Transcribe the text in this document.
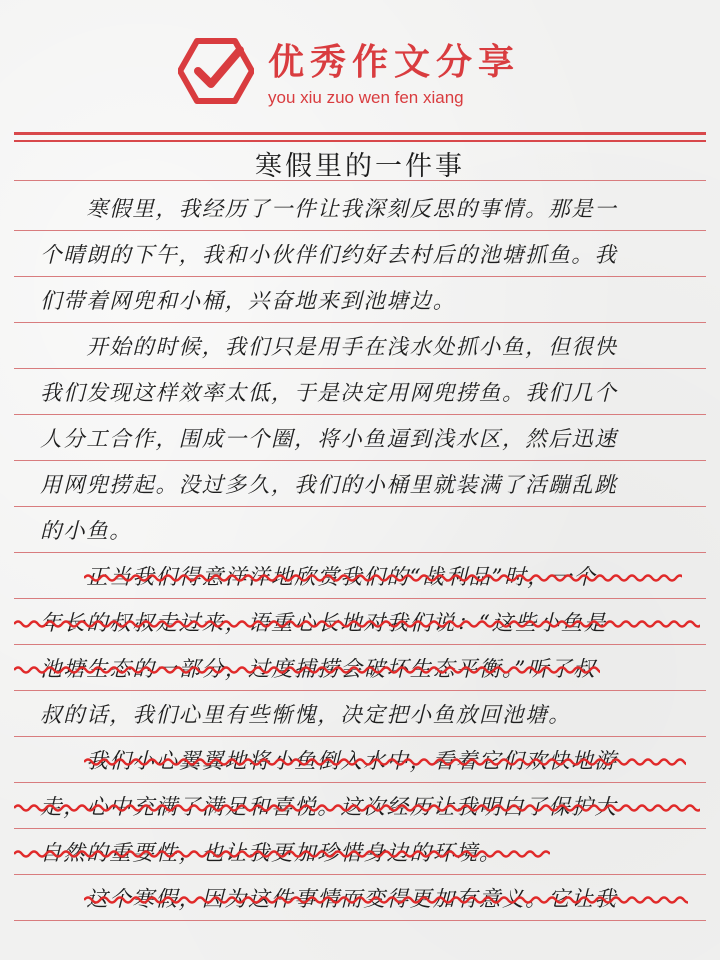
优秀作文分享
you xiu zuo wen fen xiang
寒假里的一件事
　　寒假里，我经历了一件让我深刻反思的事情。那是一
个晴朗的下午，我和小伙伴们约好去村后的池塘抓鱼。我
们带着网兜和小桶，兴奋地来到池塘边。
　　开始的时候，我们只是用手在浅水处抓小鱼，但很快
我们发现这样效率太低，于是决定用网兜捞鱼。我们几个
人分工合作，围成一个圈，将小鱼逼到浅水区，然后迅速
用网兜捞起。没过多久，我们的小桶里就装满了活蹦乱跳
的小鱼。
　　正当我们得意洋洋地欣赏我们的“战利品”时，一个
年长的叔叔走过来，语重心长地对我们说：“这些小鱼是
池塘生态的一部分，过度捕捞会破坏生态平衡。”听了叔
叔的话，我们心里有些惭愧，决定把小鱼放回池塘。
　　我们小心翼翼地将小鱼倒入水中，看着它们欢快地游
走，心中充满了满足和喜悦。这次经历让我明白了保护大
自然的重要性，也让我更加珍惜身边的环境。
　　这个寒假，因为这件事情而变得更加有意义。它让我
